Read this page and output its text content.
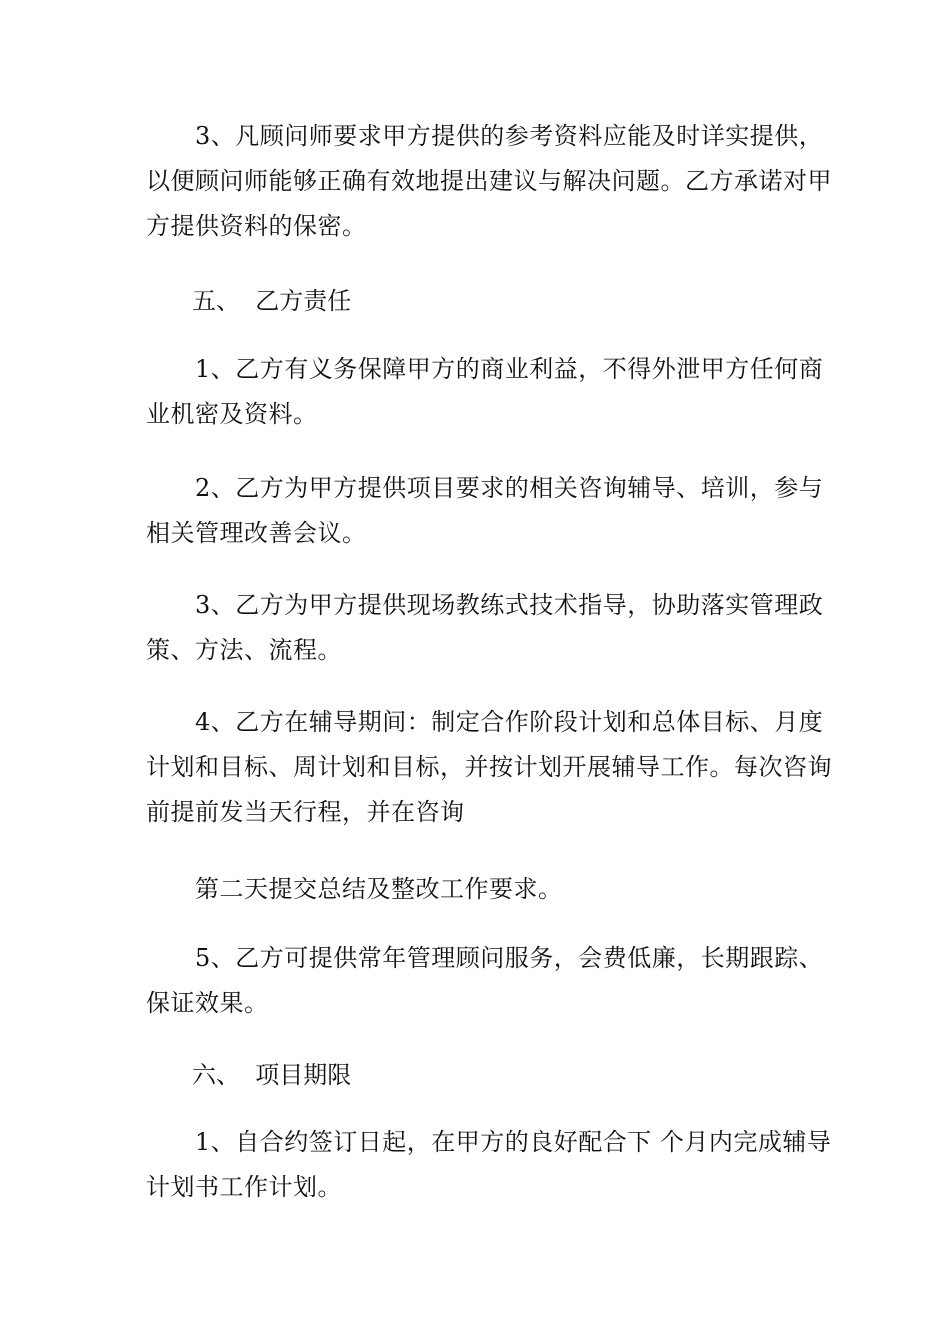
　　3、凡顾问师要求甲方提供的参考资料应能及时详实提供，
以便顾问师能够正确有效地提出建议与解决问题。乙方承诺对甲
方提供资料的保密。

五、  乙方责任

　　1、乙方有义务保障甲方的商业利益，不得外泄甲方任何商
业机密及资料。

　　2、乙方为甲方提供项目要求的相关咨询辅导、培训，参与
相关管理改善会议。

　　3、乙方为甲方提供现场教练式技术指导，协助落实管理政
策、方法、流程。

　　4、乙方在辅导期间：制定合作阶段计划和总体目标、月度
计划和目标、周计划和目标，并按计划开展辅导工作。每次咨询
前提前发当天行程，并在咨询

　　第二天提交总结及整改工作要求。

　　5、乙方可提供常年管理顾问服务，会费低廉，长期跟踪、
保证效果。

六、  项目期限

　　1、自合约签订日起，在甲方的良好配合下 个月内完成辅导
计划书工作计划。
